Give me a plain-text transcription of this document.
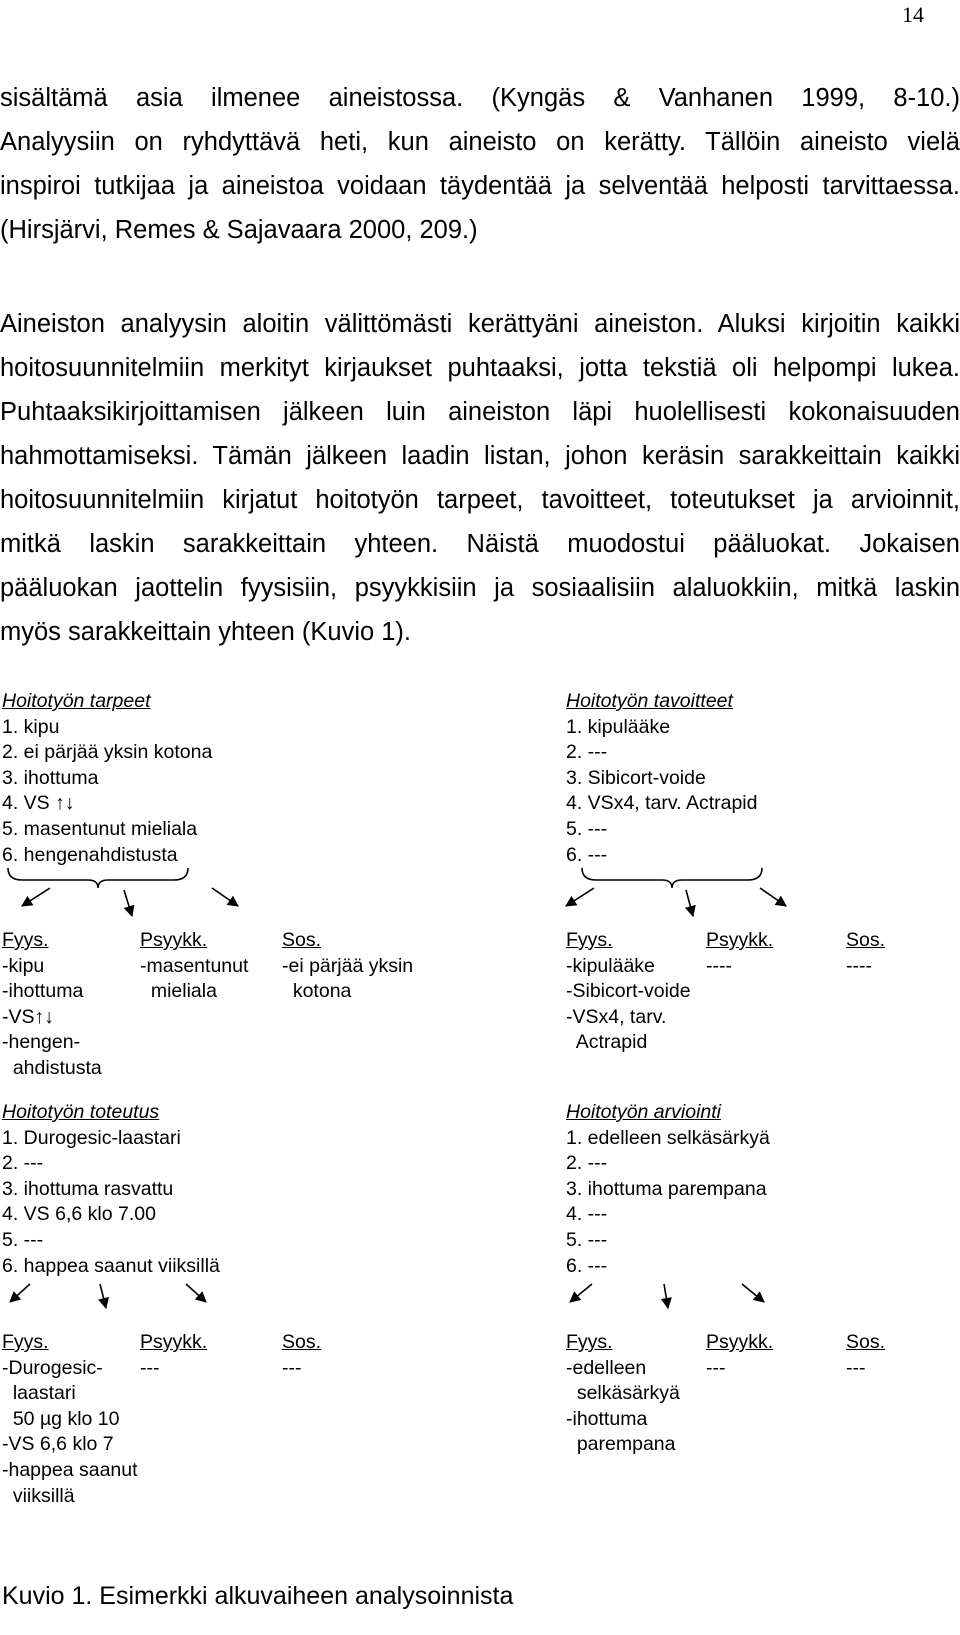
14
sisältämä asia ilmenee aineistossa. (Kyngäs & Vanhanen 1999, 8-10.)
Analyysiin on ryhdyttävä heti, kun aineisto on kerätty. Tällöin aineisto vielä
inspiroi tutkijaa ja aineistoa voidaan täydentää ja selventää helposti tarvittaessa.
(Hirsjärvi, Remes & Sajavaara 2000, 209.)
Aineiston analyysin aloitin välittömästi kerättyäni aineiston. Aluksi kirjoitin kaikki
hoitosuunnitelmiin merkityt kirjaukset puhtaaksi, jotta tekstiä oli helpompi lukea.
Puhtaaksikirjoittamisen jälkeen luin aineiston läpi huolellisesti kokonaisuuden
hahmottamiseksi. Tämän jälkeen laadin listan, johon keräsin sarakkeittain kaikki
hoitosuunnitelmiin kirjatut hoitotyön tarpeet, tavoitteet, toteutukset ja arvioinnit,
mitkä laskin sarakkeittain yhteen. Näistä muodostui pääluokat. Jokaisen
pääluokan jaottelin fyysisiin, psyykkisiin ja sosiaalisiin alaluokkiin, mitkä laskin
myös sarakkeittain yhteen (Kuvio 1).
Hoitotyön tarpeet
1. kipu
2. ei pärjää yksin kotona
3. ihottuma
4. VS ↑↓
5. masentunut mieliala
6. hengenahdistusta
Hoitotyön tavoitteet
1. kipulääke
2. ---
3. Sibicort-voide
4. VSx4, tarv. Actrapid
5. ---
6. ---
Fyys.
-kipu
-ihottuma
-VS↑↓
-hengen-
ahdistusta
Psyykk.
-masentunut
mieliala
Sos.
-ei pärjää yksin
kotona
Fyys.
-kipulääke
-Sibicort-voide
-VSx4, tarv.
Actrapid
Psyykk.
----
Sos.
----
Hoitotyön toteutus
1. Durogesic-laastari
2. ---
3. ihottuma rasvattu
4. VS 6,6 klo 7.00
5. ---
6. happea saanut viiksillä
Hoitotyön arviointi
1. edelleen selkäsärkyä
2. ---
3. ihottuma parempana
4. ---
5. ---
6. ---
Fyys.
-Durogesic-
laastari
50 µg klo 10
-VS 6,6 klo 7
-happea saanut
viiksillä
Psyykk.
---
Sos.
---
Fyys.
-edelleen
selkäsärkyä
-ihottuma
parempana
Psyykk.
---
Sos.
---
Kuvio 1. Esimerkki alkuvaiheen analysoinnista
